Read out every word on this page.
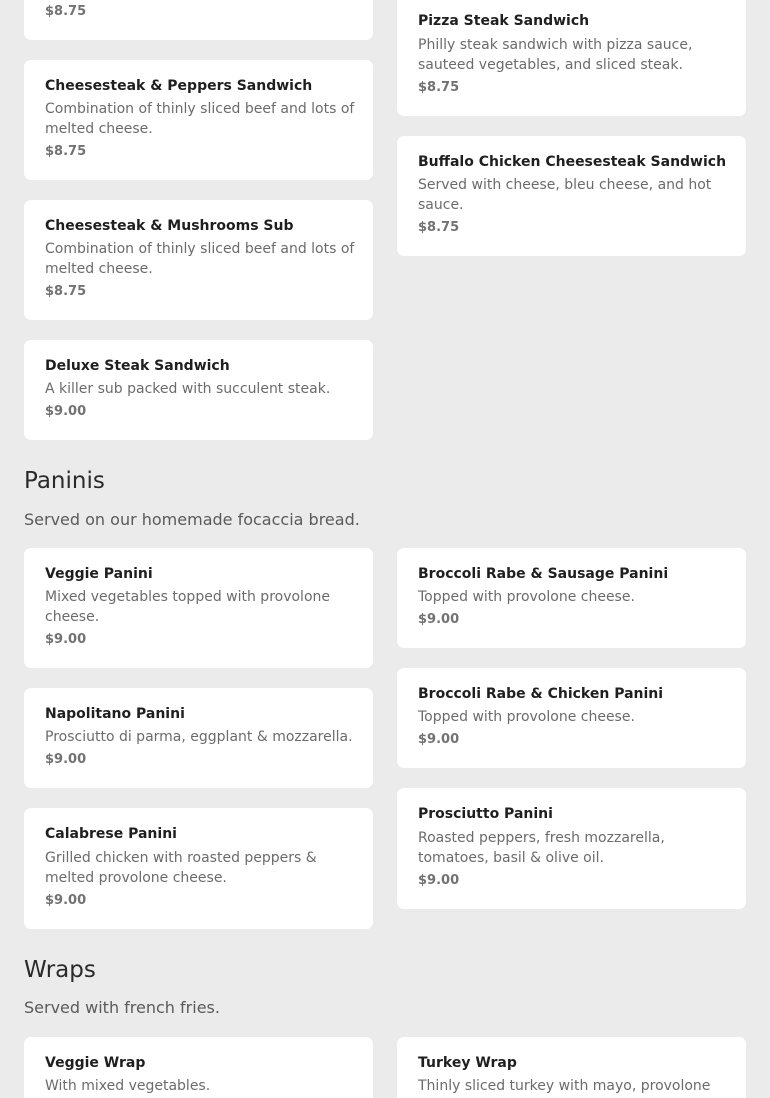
$8.75
Pizza Steak Sandwich
Philly steak sandwich with pizza sauce, sauteed vegetables, and sliced steak.
$8.75
Cheesesteak & Peppers Sandwich
Combination of thinly sliced beef and lots of melted cheese.
$8.75
Buffalo Chicken Cheesesteak Sandwich
Served with cheese, bleu cheese, and hot sauce.
$8.75
Cheesesteak & Mushrooms Sub
Combination of thinly sliced beef and lots of melted cheese.
$8.75
Deluxe Steak Sandwich
A killer sub packed with succulent steak.
$9.00
Paninis
Served on our homemade focaccia bread.
Veggie Panini
Mixed vegetables topped with provolone cheese.
$9.00
Broccoli Rabe & Sausage Panini
Topped with provolone cheese.
$9.00
Napolitano Panini
Prosciutto di parma, eggplant & mozzarella.
$9.00
Broccoli Rabe & Chicken Panini
Topped with provolone cheese.
$9.00
Calabrese Panini
Grilled chicken with roasted peppers & melted provolone cheese.
$9.00
Prosciutto Panini
Roasted peppers, fresh mozzarella, tomatoes, basil & olive oil.
$9.00
Wraps
Served with french fries.
Veggie Wrap
With mixed vegetables.
Turkey Wrap
Thinly sliced turkey with mayo, provolone
